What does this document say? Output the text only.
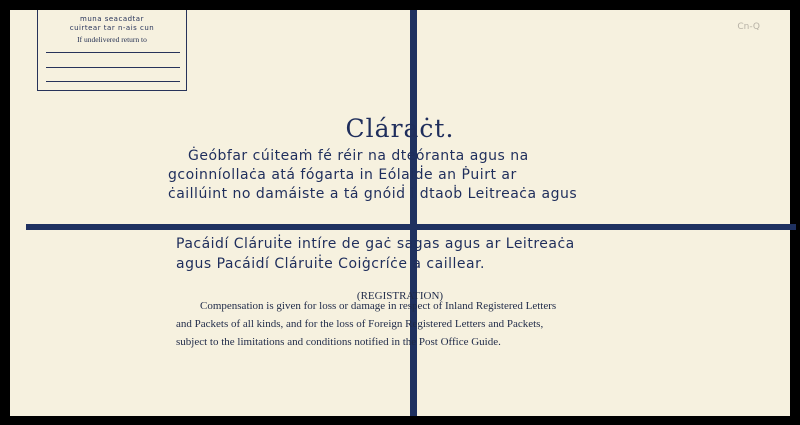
muna seacadtar
cuirtear tar n-ais cun
If undelivered return to
Cn-Q
Cláraċt.
Ġeóbfar cúiteaṁ fé réir na dteóranta agus na
gcoinníollaċa atá fógarta in Eólaiḋe an Ṗuirt ar
ċaillúint no damáiste a tá gnóiḋ i dtaoḃ Leitreaċa agus
Pacáidí Cláruiṫe intíre de gaċ sagas agus ar Leitreaċa
agus Pacáidí Cláruiṫe Coiġcríċe a caillear.
(REGISTRATION)
Compensation is given for loss or damage in respect of Inland Registered Letters
and Packets of all kinds, and for the loss of Foreign Registered Letters and Packets,
subject to the limitations and conditions notified in the Post Office Guide.
